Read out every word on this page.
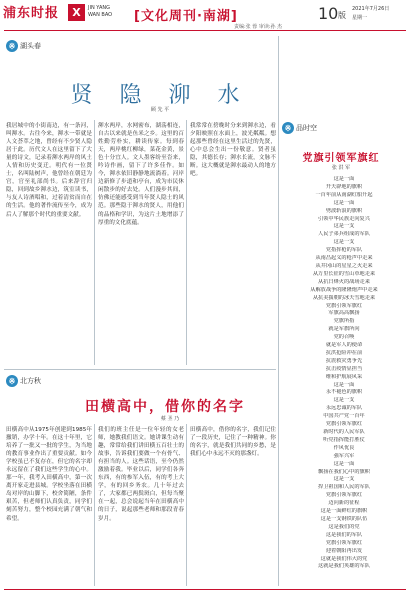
浦东时报	X	JIN YANG WAN BAO	[文化周刊·南湖]	10 版
2021年7月26日
星期一
责编:张 蓉 审读:孙 杰
※ 湖头春
贤 隐 泖 水
顾 先 平
我居城中的小街南边，有一条河，叫泖水。古往今来，泖水一带就是人文荟萃之地，曾经有不少贤人隐居于此。历代文人在这里留下了大量的诗文，记录着泖水两岸的风土人情和历史变迁。明代有一位贤士，名叫陆树声，他曾经在朝廷为官，官至礼部尚书。后来辞官归隐，回到故乡泖水边，筑室读书，与友人诗酒唱和，过着清贫而自在的生活。他的著作流传至今，成为后人了解那个时代的重要文献。
泖水两岸，水网密布，湖荡相连，自古以来就是鱼米之乡。这里的百姓勤劳朴实，耕读传家。每到春天，两岸桃红柳绿，菜花金黄，景色十分宜人。文人墨客纷至沓来，吟诗作画，留下了许多佳作。如今，泖水依旧静静地流淌着。河岸边新修了步道和亭台，成为市民休闲散步的好去处。人们漫步其间，仿佛还能感受到当年贤人隐士的风范。那些隐于泖水的贤人，用他们的品格和学识，为这片土地增添了厚重的文化底蕴。
我常常在傍晚时分来到泖水边，看夕阳映照在水面上，波光粼粼。想起那些曾经在这里生活过的先贤，心中总会生出一份敬意。贤者虽隐，其德长存；泖水长流，文脉不断。这大概就是泖水最动人的地方吧。
※ 北方秋
田横高中，借你的名字
蔡 圣 乃
田横高中从1975年创建到1985年撤销，办学十年。在这十年里，它培养了一批又一批的学生，为当地的教育事业作出了重要贡献。如今学校虽已不复存在，但它的名字却永远留在了我们这些学生的心中。那一年，我考入田横高中，第一次离开家走进县城。学校坐落在田横岛对岸的山脚下，校舍简陋，条件艰苦，但老师们认真负责，同学们刻苦努力，整个校园充满了朝气和希望。
我们的班主任是一位年轻的女老师，她教我们语文。她讲课生动有趣，常常给我们讲田横五百壮士的故事，告诉我们要做一个有骨气、有担当的人。这些话语，至今仍然激励着我。毕业以后，同学们各奔东西，有的参军入伍，有的考上大学，有的回乡务农。几十年过去了，大家都已两鬓斑白，但每当聚在一起，总会说起当年在田横高中的日子，说起那些老师和那段青春岁月。
田横高中，借你的名字，我们记住了一段历史，记住了一种精神。你的名字，就是我们共同的乡愁，是我们心中永远不灭的那盏灯。
※ 品时空
党旗引领军旗红
张 洪 军
这是一面
开天辟地的旗帜
一百年前从南湖红船升起
这是一面
劈波斩浪的旗帜
引领中华民族走向复兴
这是一支
人民子弟兵组成的军队
这是一支
党指挥枪的军队
从南昌起义的枪声中走来
从井冈山的星星之火走来
从万里长征的雪山草地走来
从抗日烽火的战场走来
从解放战争的隆隆炮声中走来
从抗美援朝的冰天雪地走来
党旗引领军旗红
军旗高高飘扬
党旗所指
就是军旗所向
党的召唤
就是军人的使命
抗洪抢险冲在前
抗震救灾勇争先
抗击疫情显担当
维和护航展风采
这是一面
永不褪色的旗帜
这是一支
永远忠诚的军队
中国共产党一百年
党旗引领军旗红
新时代的人民军队
听党指挥能打胜仗
作风优良
强军兴军
这是一面
飘扬在我们心中的旗帜
这是一支
捍卫祖国和人民的军队
党旗引领军旗红
迈向新的征程
这是一面鲜红的旗帜
这是一支钢铁的队伍
这是我们的党
这是我们的军队
党旗引领军旗红
迎着朝阳再出发
这就是我们伟大的党
这就是我们英雄的军队
